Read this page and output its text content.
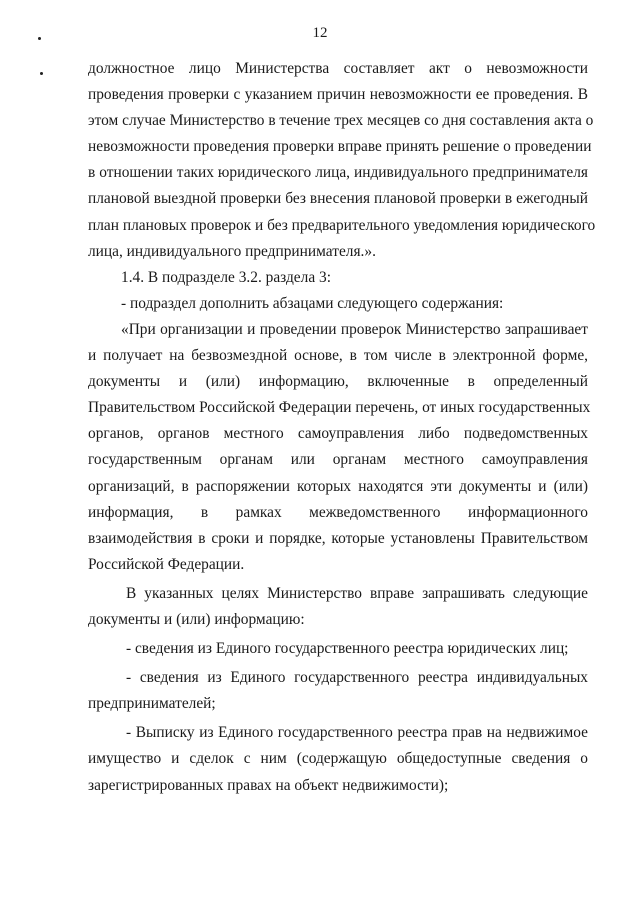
12
должностное лицо Министерства составляет акт о невозможности
проведения проверки с указанием причин невозможности ее проведения. В
этом случае Министерство в течение трех месяцев со дня составления акта о
невозможности проведения проверки вправе принять решение о проведении
в отношении таких юридического лица, индивидуального предпринимателя
плановой выездной проверки без внесения плановой проверки в ежегодный
план плановых проверок и без предварительного уведомления юридического
лица, индивидуального предпринимателя.».
1.4. В подразделе 3.2. раздела 3:
- подраздел дополнить абзацами следующего содержания:
«При организации и проведении проверок Министерство запрашивает
и получает на безвозмездной основе, в том числе в электронной форме,
документы и (или) информацию, включенные в определенный
Правительством Российской Федерации перечень, от иных государственных
органов, органов местного самоуправления либо подведомственных
государственным органам или органам местного самоуправления
организаций, в распоряжении которых находятся эти документы и (или)
информация, в рамках межведомственного информационного
взаимодействия в сроки и порядке, которые установлены Правительством
Российской Федерации.
В указанных целях Министерство вправе запрашивать следующие
документы и (или) информацию:
- сведения из Единого государственного реестра юридических лиц;
- сведения из Единого государственного реестра индивидуальных
предпринимателей;
- Выписку из Единого государственного реестра прав на недвижимое
имущество и сделок с ним (содержащую общедоступные сведения о
зарегистрированных правах на объект недвижимости);
